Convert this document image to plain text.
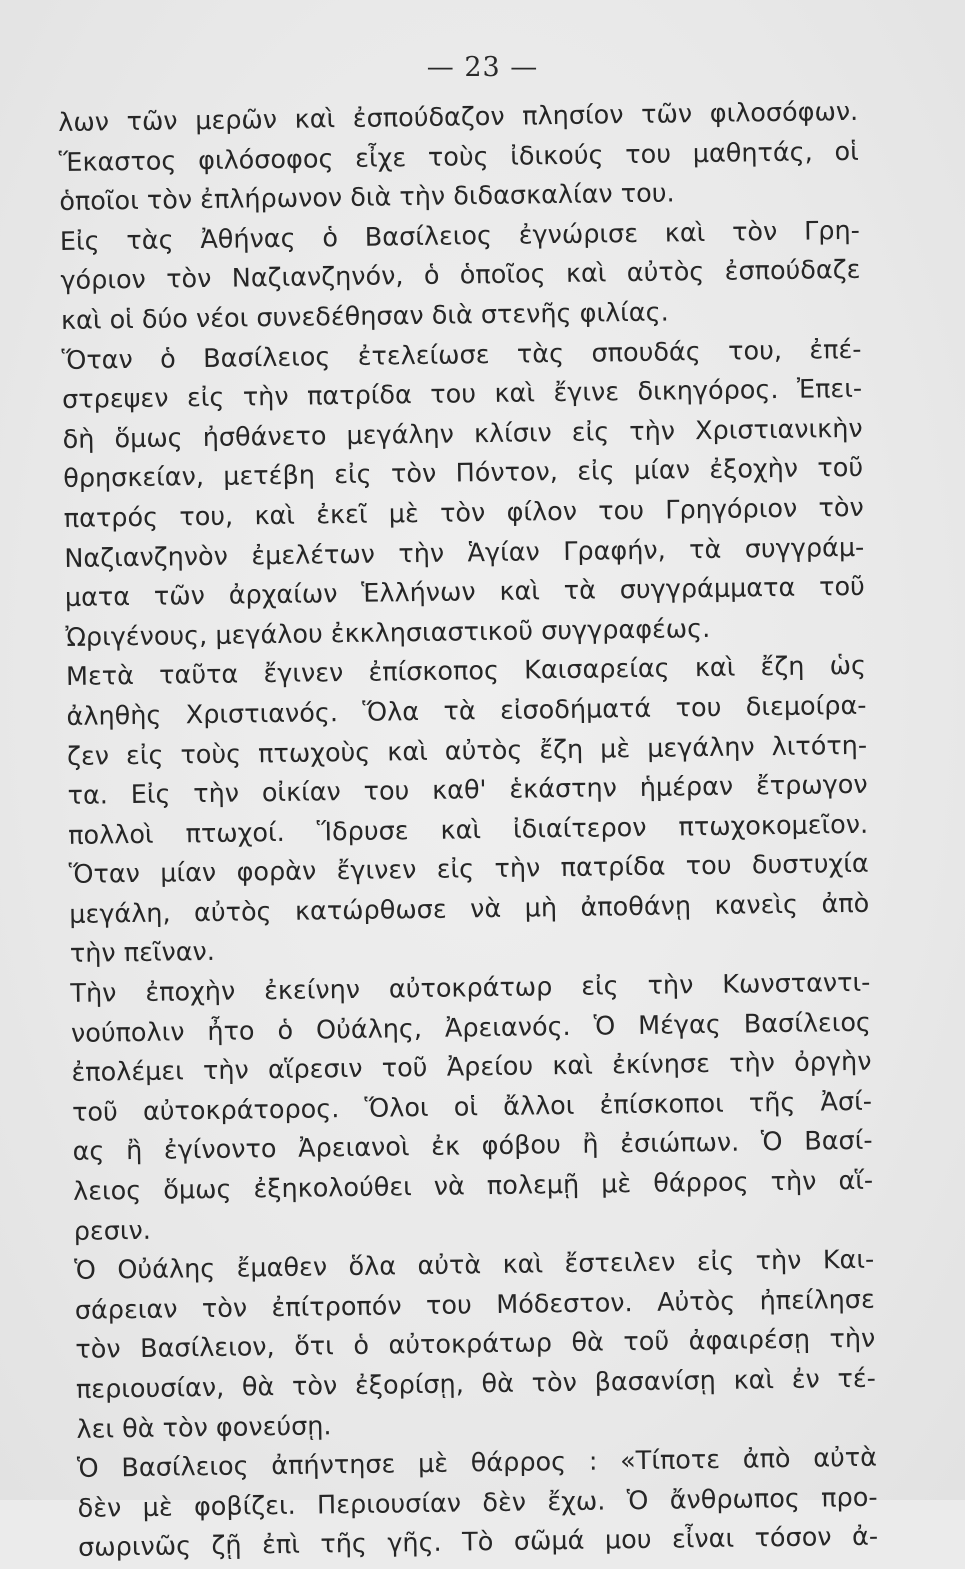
— 23 —
λων τῶν μερῶν καὶ ἐσπούδαζον πλησίον τῶν φιλοσόφων.
Ἕκαστος φιλόσοφος εἶχε τοὺς ἰδικούς του μαθητάς, οἱ
ὁποῖοι τὸν ἐπλήρωνον διὰ τὴν διδασκαλίαν του.
Εἰς τὰς Ἀθήνας ὁ Βασίλειος ἐγνώρισε καὶ τὸν Γρη-
γόριον τὸν Ναζιανζηνόν, ὁ ὁποῖος καὶ αὐτὸς ἐσπούδαζε
καὶ οἱ δύο νέοι συνεδέθησαν διὰ στενῆς φιλίας.
Ὅταν ὁ Βασίλειος ἐτελείωσε τὰς σπουδάς του, ἐπέ-
στρεψεν εἰς τὴν πατρίδα του καὶ ἔγινε δικηγόρος. Ἐπει-
δὴ ὅμως ἠσθάνετο μεγάλην κλίσιν εἰς τὴν Χριστιανικὴν
θρησκείαν, μετέβη εἰς τὸν Πόντον, εἰς μίαν ἐξοχὴν τοῦ
πατρός του, καὶ ἐκεῖ μὲ τὸν φίλον του Γρηγόριον τὸν
Ναζιανζηνὸν ἐμελέτων τὴν Ἁγίαν Γραφήν, τὰ συγγράμ-
ματα τῶν ἀρχαίων Ἑλλήνων καὶ τὰ συγγράμματα τοῦ
Ὠριγένους, μεγάλου ἐκκλησιαστικοῦ συγγραφέως.
Μετὰ ταῦτα ἔγινεν ἐπίσκοπος Καισαρείας καὶ ἔζη ὡς
ἀληθὴς Χριστιανός. Ὅλα τὰ εἰσοδήματά του διεμοίρα-
ζεν εἰς τοὺς πτωχοὺς καὶ αὐτὸς ἔζη μὲ μεγάλην λιτότη-
τα. Εἰς τὴν οἰκίαν του καθ' ἑκάστην ἡμέραν ἔτρωγον
πολλοὶ πτωχοί. Ἵδρυσε καὶ ἰδιαίτερον πτωχοκομεῖον.
Ὅταν μίαν φορὰν ἔγινεν εἰς τὴν πατρίδα του δυστυχία
μεγάλη, αὐτὸς κατώρθωσε νὰ μὴ ἀποθάνῃ κανεὶς ἀπὸ
τὴν πεῖναν.
Τὴν ἐποχὴν ἐκείνην αὐτοκράτωρ εἰς τὴν Κωνσταντι-
νούπολιν ἦτο ὁ Οὐάλης, Ἀρειανός. Ὁ Μέγας Βασίλειος
ἐπολέμει τὴν αἵρεσιν τοῦ Ἀρείου καὶ ἐκίνησε τὴν ὀργὴν
τοῦ αὐτοκράτορος. Ὅλοι οἱ ἄλλοι ἐπίσκοποι τῆς Ἀσί-
ας ἢ ἐγίνοντο Ἀρειανοὶ ἐκ φόβου ἢ ἐσιώπων. Ὁ Βασί-
λειος ὅμως ἐξηκολούθει νὰ πολεμῇ μὲ θάρρος τὴν αἵ-
ρεσιν.
Ὁ Οὐάλης ἔμαθεν ὅλα αὐτὰ καὶ ἔστειλεν εἰς τὴν Και-
σάρειαν τὸν ἐπίτροπόν του Μόδεστον. Αὐτὸς ἠπείλησε
τὸν Βασίλειον, ὅτι ὁ αὐτοκράτωρ θὰ τοῦ ἀφαιρέσῃ τὴν
περιουσίαν, θὰ τὸν ἐξορίσῃ, θὰ τὸν βασανίσῃ καὶ ἐν τέ-
λει θὰ τὸν φονεύσῃ.
Ὁ Βασίλειος ἀπήντησε μὲ θάρρος : «Τίποτε ἀπὸ αὐτὰ
δὲν μὲ φοβίζει. Περιουσίαν δὲν ἔχω. Ὁ ἄνθρωπος προ-
σωρινῶς ζῇ ἐπὶ τῆς γῆς. Τὸ σῶμά μου εἶναι τόσον ἀ-
